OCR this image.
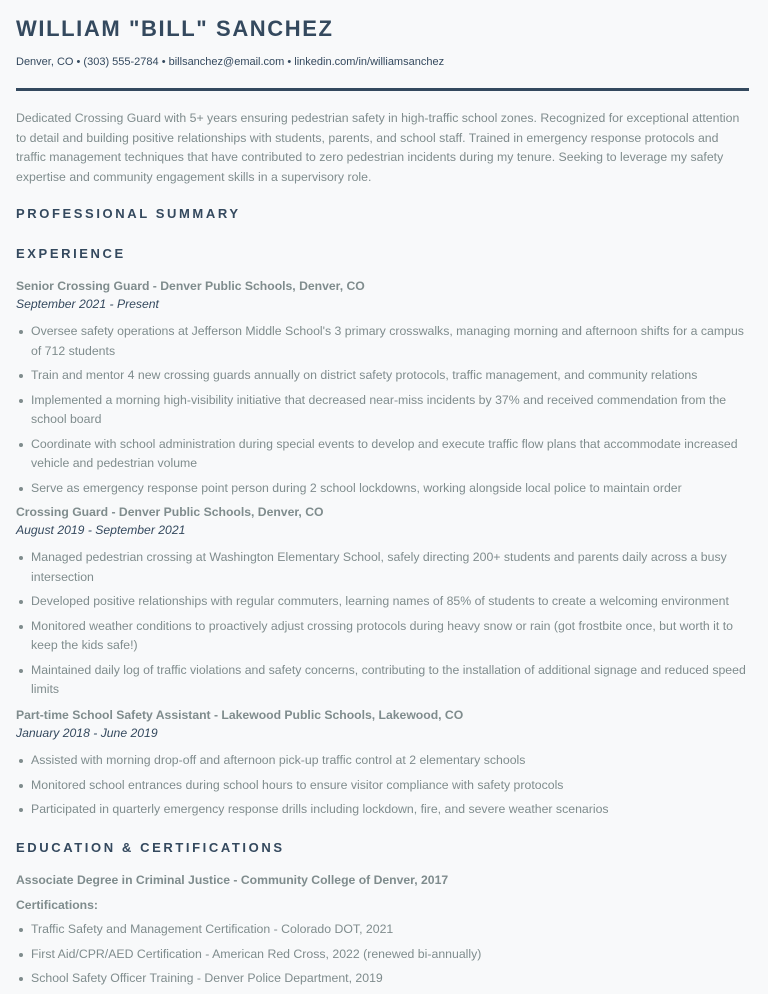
WILLIAM "BILL" SANCHEZ
Denver, CO • (303) 555-2784 • billsanchez@email.com • linkedin.com/in/williamsanchez

Dedicated Crossing Guard with 5+ years ensuring pedestrian safety in high-traffic school zones. Recognized for exceptional attention to detail and building positive relationships with students, parents, and school staff. Trained in emergency response protocols and traffic management techniques that have contributed to zero pedestrian incidents during my tenure. Seeking to leverage my safety expertise and community engagement skills in a supervisory role.

PROFESSIONAL SUMMARY
EXPERIENCE
Senior Crossing Guard - Denver Public Schools, Denver, CO
September 2021 - Present
Oversee safety operations at Jefferson Middle School's 3 primary crosswalks, managing morning and afternoon shifts for a campus of 712 students
Train and mentor 4 new crossing guards annually on district safety protocols, traffic management, and community relations
Implemented a morning high-visibility initiative that decreased near-miss incidents by 37% and received commendation from the school board
Coordinate with school administration during special events to develop and execute traffic flow plans that accommodate increased vehicle and pedestrian volume
Serve as emergency response point person during 2 school lockdowns, working alongside local police to maintain order
Crossing Guard - Denver Public Schools, Denver, CO
August 2019 - September 2021
Managed pedestrian crossing at Washington Elementary School, safely directing 200+ students and parents daily across a busy intersection
Developed positive relationships with regular commuters, learning names of 85% of students to create a welcoming environment
Monitored weather conditions to proactively adjust crossing protocols during heavy snow or rain (got frostbite once, but worth it to keep the kids safe!)
Maintained daily log of traffic violations and safety concerns, contributing to the installation of additional signage and reduced speed limits
Part-time School Safety Assistant - Lakewood Public Schools, Lakewood, CO
January 2018 - June 2019
Assisted with morning drop-off and afternoon pick-up traffic control at 2 elementary schools
Monitored school entrances during school hours to ensure visitor compliance with safety protocols
Participated in quarterly emergency response drills including lockdown, fire, and severe weather scenarios
EDUCATION & CERTIFICATIONS
Associate Degree in Criminal Justice - Community College of Denver, 2017
Certifications:
Traffic Safety and Management Certification - Colorado DOT, 2021
First Aid/CPR/AED Certification - American Red Cross, 2022 (renewed bi-annually)
School Safety Officer Training - Denver Police Department, 2019
